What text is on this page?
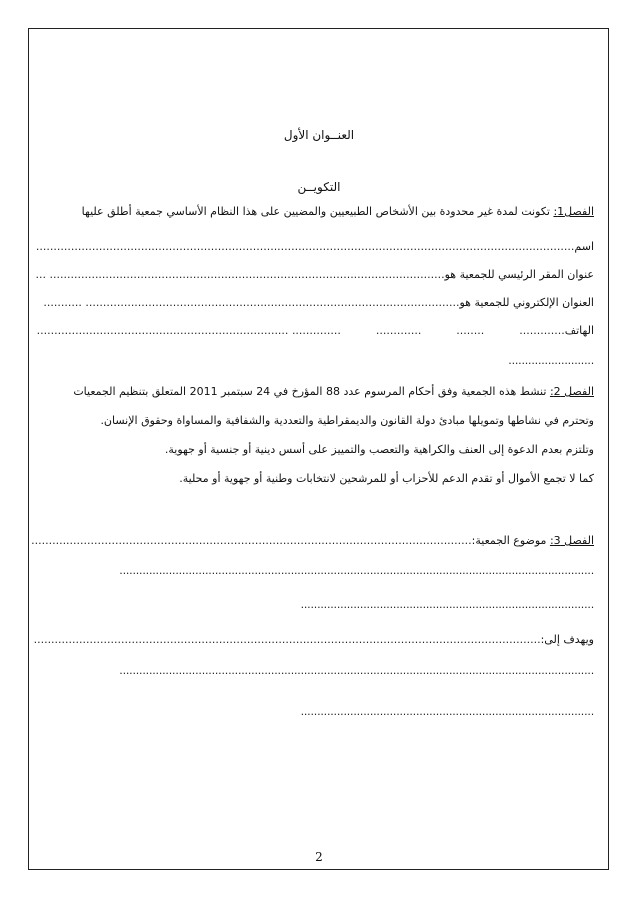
العنــوان الأول
التكويــن
الفصل1: تكونت لمدة غير محدودة بين الأشخاص الطبيعيين والمضيين على هذا النظام الأساسي جمعية أطلق عليها
اسم..........................................................................................................................................................
عنوان المقر الرئيسي للجمعية هو................................................................................................................. ...
العنوان الإلكتروني للجمعية هو........................................................................................................... ...........
الهاتف.............          ........          .............          .............. ........................................................................
..........................
الفصل 2: تنشط هذه الجمعية وفق أحكام المرسوم عدد 88 المؤرخ في 24 سبتمبر 2011 المتعلق بتنظيم الجمعيات
وتحترم في نشاطها وتمويلها مبادئ دولة القانون والديمقراطية والتعددية والشفافية والمساواة وحقوق الإنسان.
وتلتزم بعدم الدعوة إلى العنف والكراهية والتعصب والتمييز على أسس دينية أو جنسية أو جهوية.
كما لا تجمع الأموال أو تقدم الدعم للأحزاب أو للمرشحين لانتخابات وطنية أو جهوية أو محلية.
الفصل 3: موضوع الجمعية:..............................................................................................................................
................................................................................................................................................
.........................................................................................
ويهدف إلى:.................................................................................................................................................
................................................................................................................................................
.........................................................................................
2
